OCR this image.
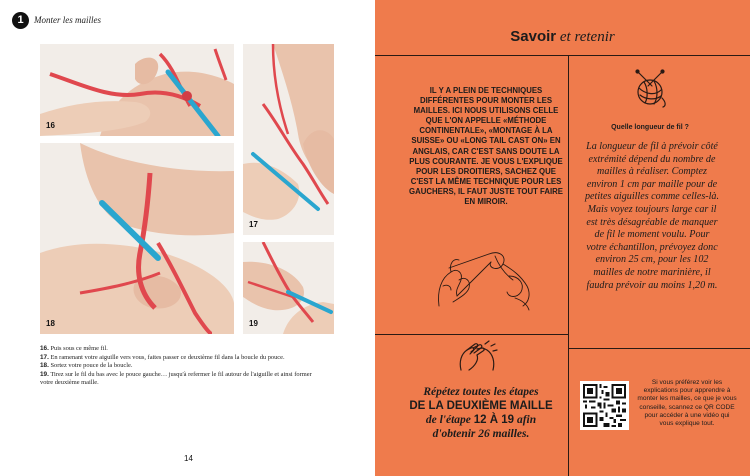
1	Monter les mailles
16
17
18	19
16. Puis sous ce même fil.
17. En ramenant votre aiguille vers vous, faites passer ce deuxième fil dans la boucle du pouce.
18. Sortez votre pouce de la boucle.
19. Tirez sur le fil du bas avec le pouce gauche… jusqu'à refermer le fil autour de l'aiguille et ainsi former votre deuxième maille.
14
Savoir et retenir
IL Y A PLEIN DE TECHNIQUES DIFFÉRENTES POUR MONTER LES MAILLES. ICI NOUS UTILISONS CELLE QUE L'ON APPELLE «MÉTHODE CONTINENTALE», «MONTAGE À LA SUISSE» OU «LONG TAIL CAST ON» EN ANGLAIS, CAR C'EST SANS DOUTE LA PLUS COURANTE. JE VOUS L'EXPLIQUE POUR LES DROITIERS, SACHEZ QUE C'EST LA MÊME TECHNIQUE POUR LES GAUCHERS, IL FAUT JUSTE TOUT FAIRE EN MIROIR.
Quelle longueur de fil ?
La longueur de fil à prévoir côté extrémité dépend du nombre de mailles à réaliser. Comptez environ 1 cm par maille pour de petites aiguilles comme celles-là. Mais voyez toujours large car il est très désagréable de manquer de fil le moment voulu. Pour votre échantillon, prévoyez donc environ 25 cm, pour les 102 mailles de notre marinière, il faudra prévoir au moins 1,20 m.
Répétez toutes les étapes
DE LA DEUXIÈME MAILLE
de l'étape 12 À 19 afin
d'obtenir 26 mailles.
Si vous préférez voir les explications pour apprendre à monter les mailles, ce que je vous conseille, scannez ce QR CODE pour accéder à une vidéo qui vous explique tout.
